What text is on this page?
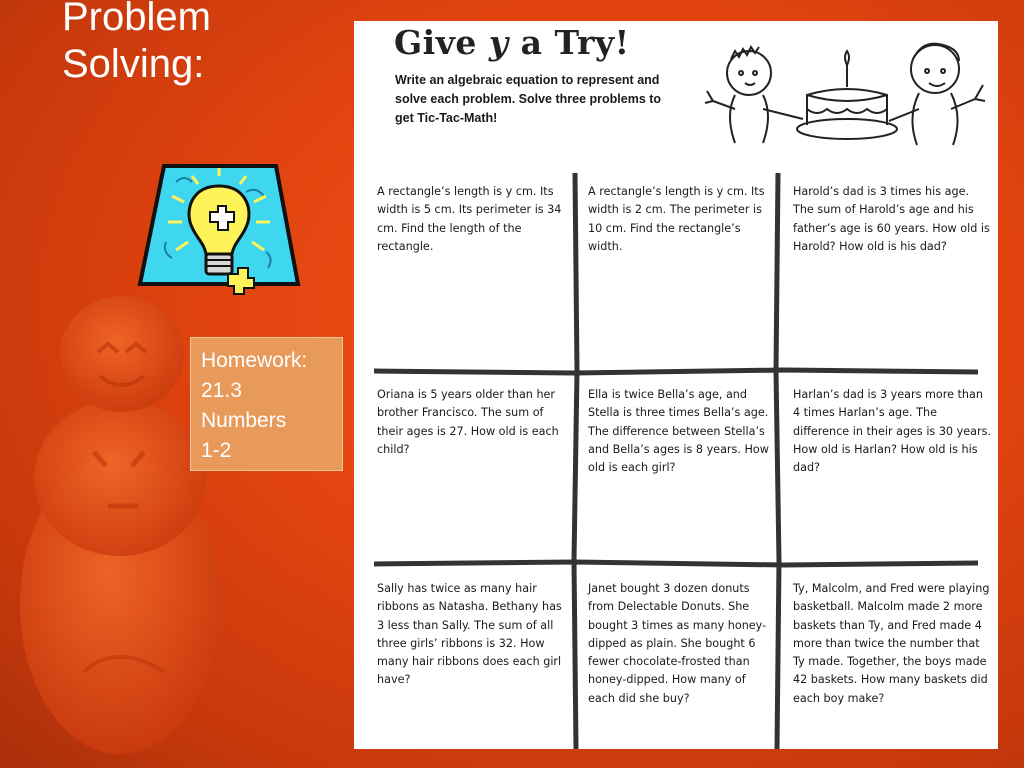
Problem
Solving:
Homework:
21.3
Numbers
1-2
Give y a Try!
Write an algebraic equation to represent and solve each problem. Solve three problems to get Tic-Tac-Math!
A rectangle’s length is y cm. Its width is 5 cm. Its perimeter is 34 cm. Find the length of the rectangle.
A rectangle’s length is y cm. Its width is 2 cm. The perimeter is 10 cm. Find the rectangle’s width.
Harold’s dad is 3 times his age. The sum of Harold’s age and his father’s age is 60 years. How old is Harold? How old is his dad?
Oriana is 5 years older than her brother Francisco. The sum of their ages is 27. How old is each child?
Ella is twice Bella’s age, and Stella is three times Bella’s age. The difference between Stella’s and Bella’s ages is 8 years. How old is each girl?
Harlan’s dad is 3 years more than 4 times Harlan’s age. The difference in their ages is 30 years. How old is Harlan? How old is his dad?
Sally has twice as many hair ribbons as Natasha. Bethany has 3 less than Sally. The sum of all three girls’ ribbons is 32. How many hair ribbons does each girl have?
Janet bought 3 dozen donuts from Delectable Donuts. She bought 3 times as many honey-dipped as plain. She bought 6 fewer chocolate-frosted than honey-dipped. How many of each did she buy?
Ty, Malcolm, and Fred were playing basketball. Malcolm made 2 more baskets than Ty, and Fred made 4 more than twice the number that Ty made. Together, the boys made 42 baskets. How many baskets did each boy make?
